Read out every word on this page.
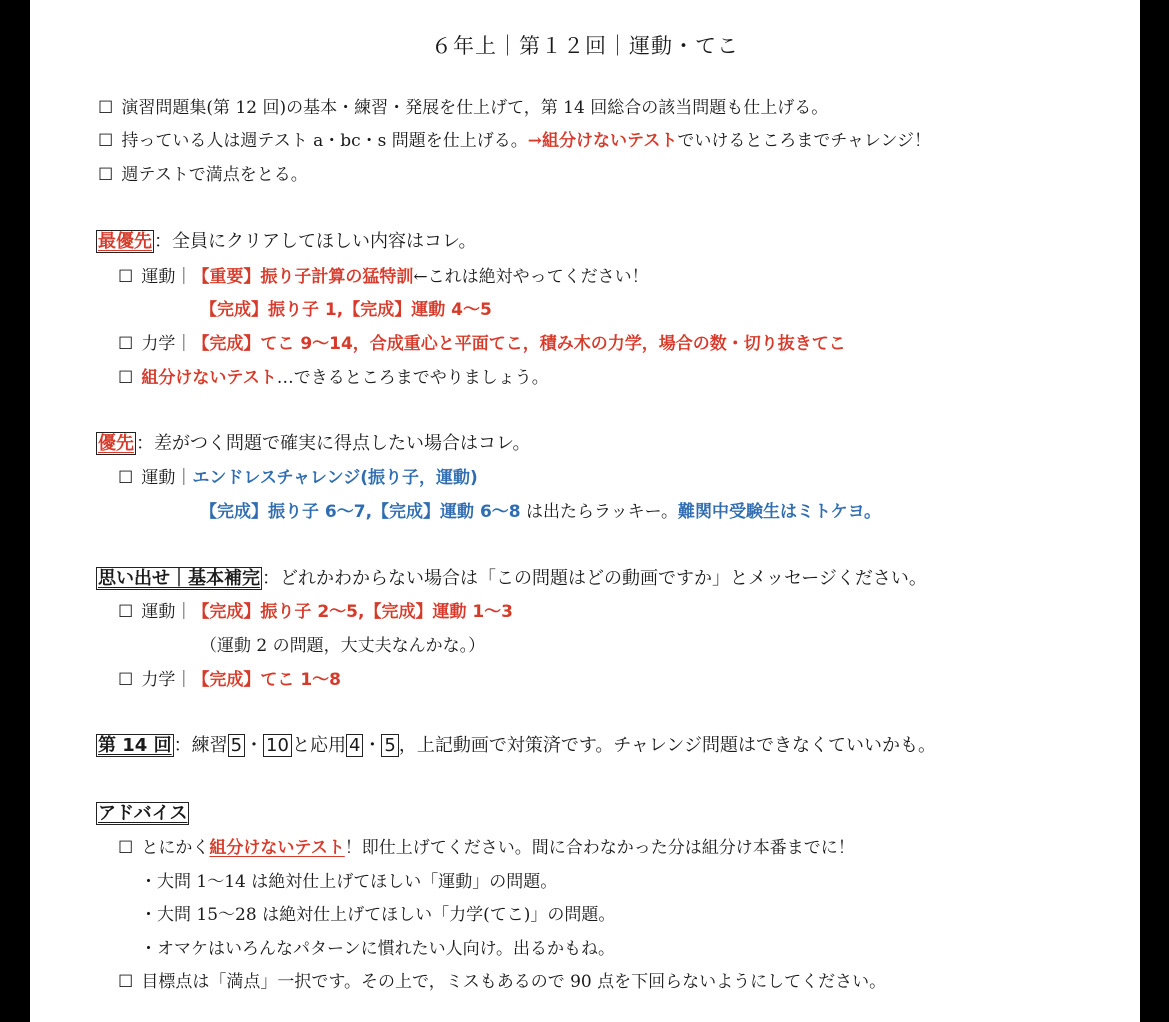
６年上｜第１２回｜運動・てこ
☐ 演習問題集(第 12 回)の基本・練習・発展を仕上げて，第 14 回総合の該当問題も仕上げる。
☐ 持っている人は週テスト a・bc・s 問題を仕上げる。→組分けないテストでいけるところまでチャレンジ！
☐ 週テストで満点をとる。
最優先 ：全員にクリアしてほしい内容はコレ。
☐ 運動｜【重要】振り子計算の猛特訓←これは絶対やってください！
【完成】振り子 1,【完成】運動 4〜5
☐ 力学｜【完成】てこ 9〜14，合成重心と平面てこ，積み木の力学，場合の数・切り抜きてこ
☐ 組分けないテスト…できるところまでやりましょう。
優先 ：差がつく問題で確実に得点したい場合はコレ。
☐ 運動｜エンドレスチャレンジ(振り子，運動)
【完成】振り子 6〜7,【完成】運動 6〜8 は出たらラッキー。難関中受験生はミトケヨ。
思い出せ｜基本補完 ：どれかわからない場合は「この問題はどの動画ですか」とメッセージください。
☐ 運動｜【完成】振り子 2〜5,【完成】運動 1〜3
（運動 2 の問題，大丈夫なんかな。）
☐ 力学｜【完成】てこ 1〜8
第 14 回 ：練習 5 ・ 10 と応用 4 ・ 5 ，上記動画で対策済です。チャレンジ問題はできなくていいかも。
アドバイス
☐ とにかく組分けないテスト！即仕上げてください。間に合わなかった分は組分け本番までに！
・大問 1〜14 は絶対仕上げてほしい「運動」の問題。
・大問 15〜28 は絶対仕上げてほしい「力学(てこ)」の問題。
・オマケはいろんなパターンに慣れたい人向け。出るかもね。
☐ 目標点は「満点」一択です。その上で，ミスもあるので 90 点を下回らないようにしてください。
